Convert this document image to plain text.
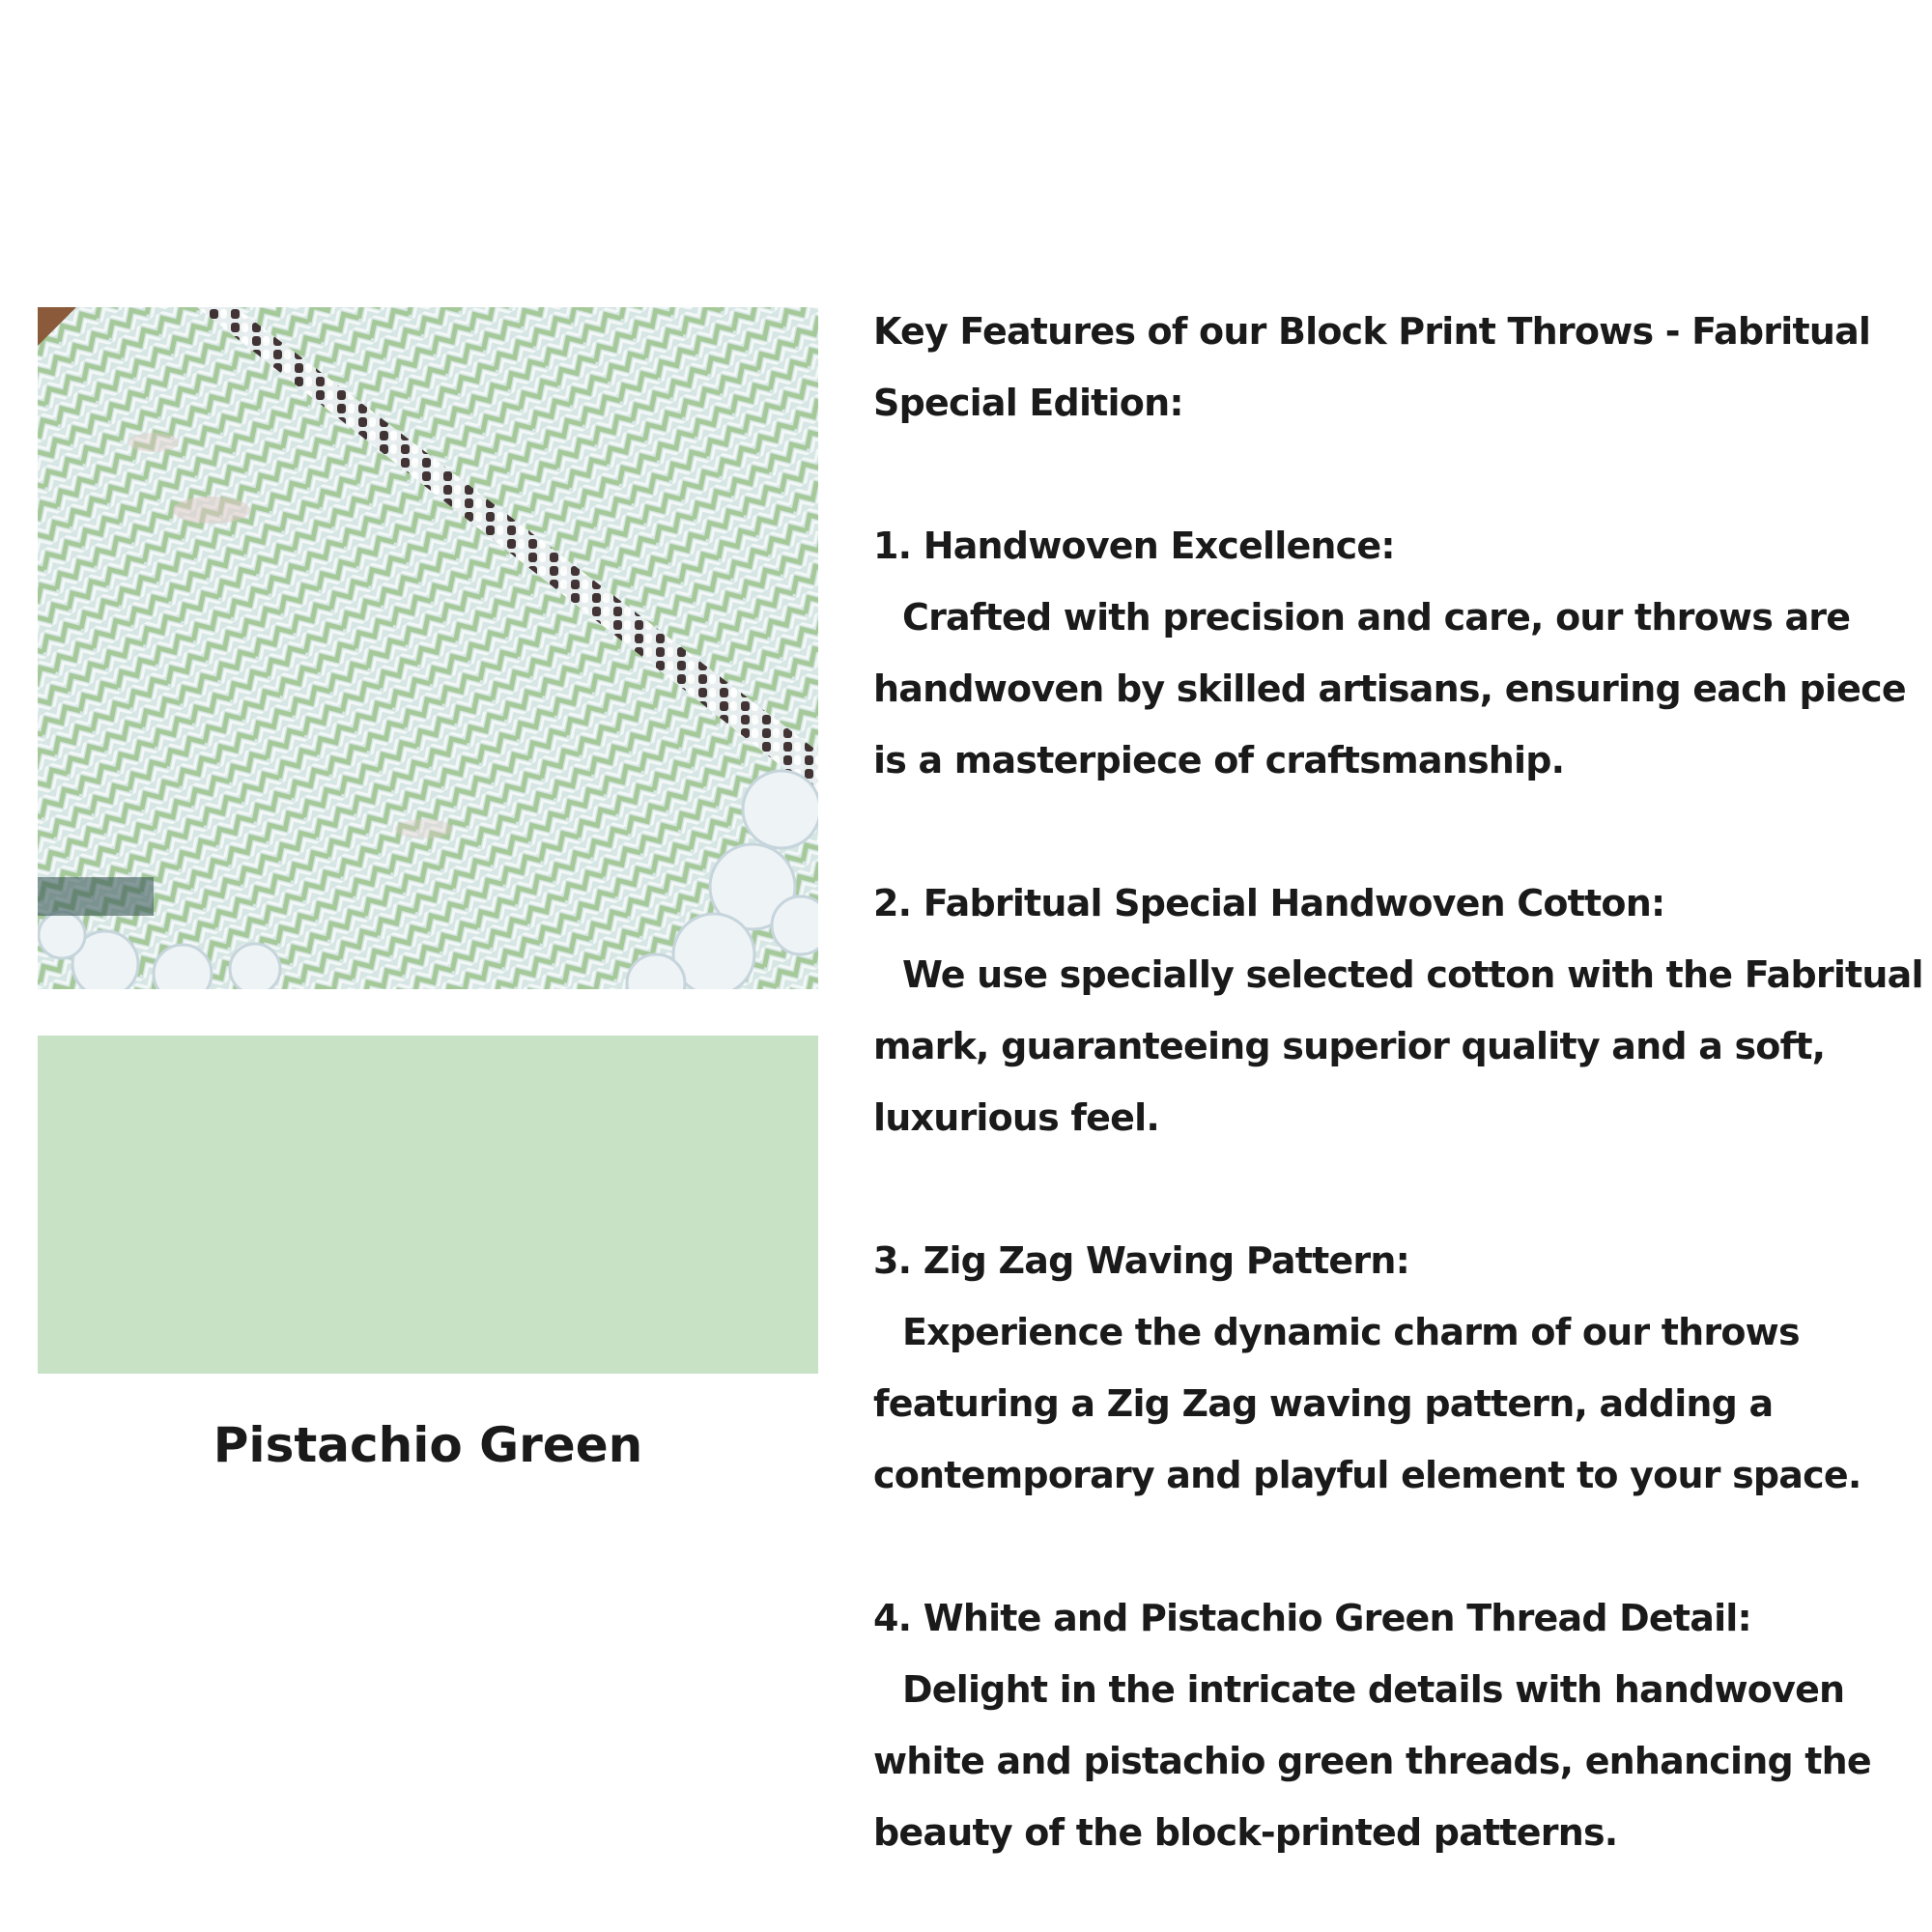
Pistachio Green

Key Features of our Block Print Throws - Fabritual Special Edition:

1. Handwoven Excellence:

Crafted with precision and care, our throws are handwoven by skilled artisans, ensuring each piece is a masterpiece of craftsmanship.

2. Fabritual Special Handwoven Cotton:

We use specially selected cotton with the Fabritual mark, guaranteeing superior quality and a soft, luxurious feel.

3. Zig Zag Waving Pattern:

Experience the dynamic charm of our throws featuring a Zig Zag waving pattern, adding a contemporary and playful element to your space.

4. White and Pistachio Green Thread Detail:

Delight in the intricate details with handwoven white and pistachio green threads, enhancing the beauty of the block-printed patterns.
